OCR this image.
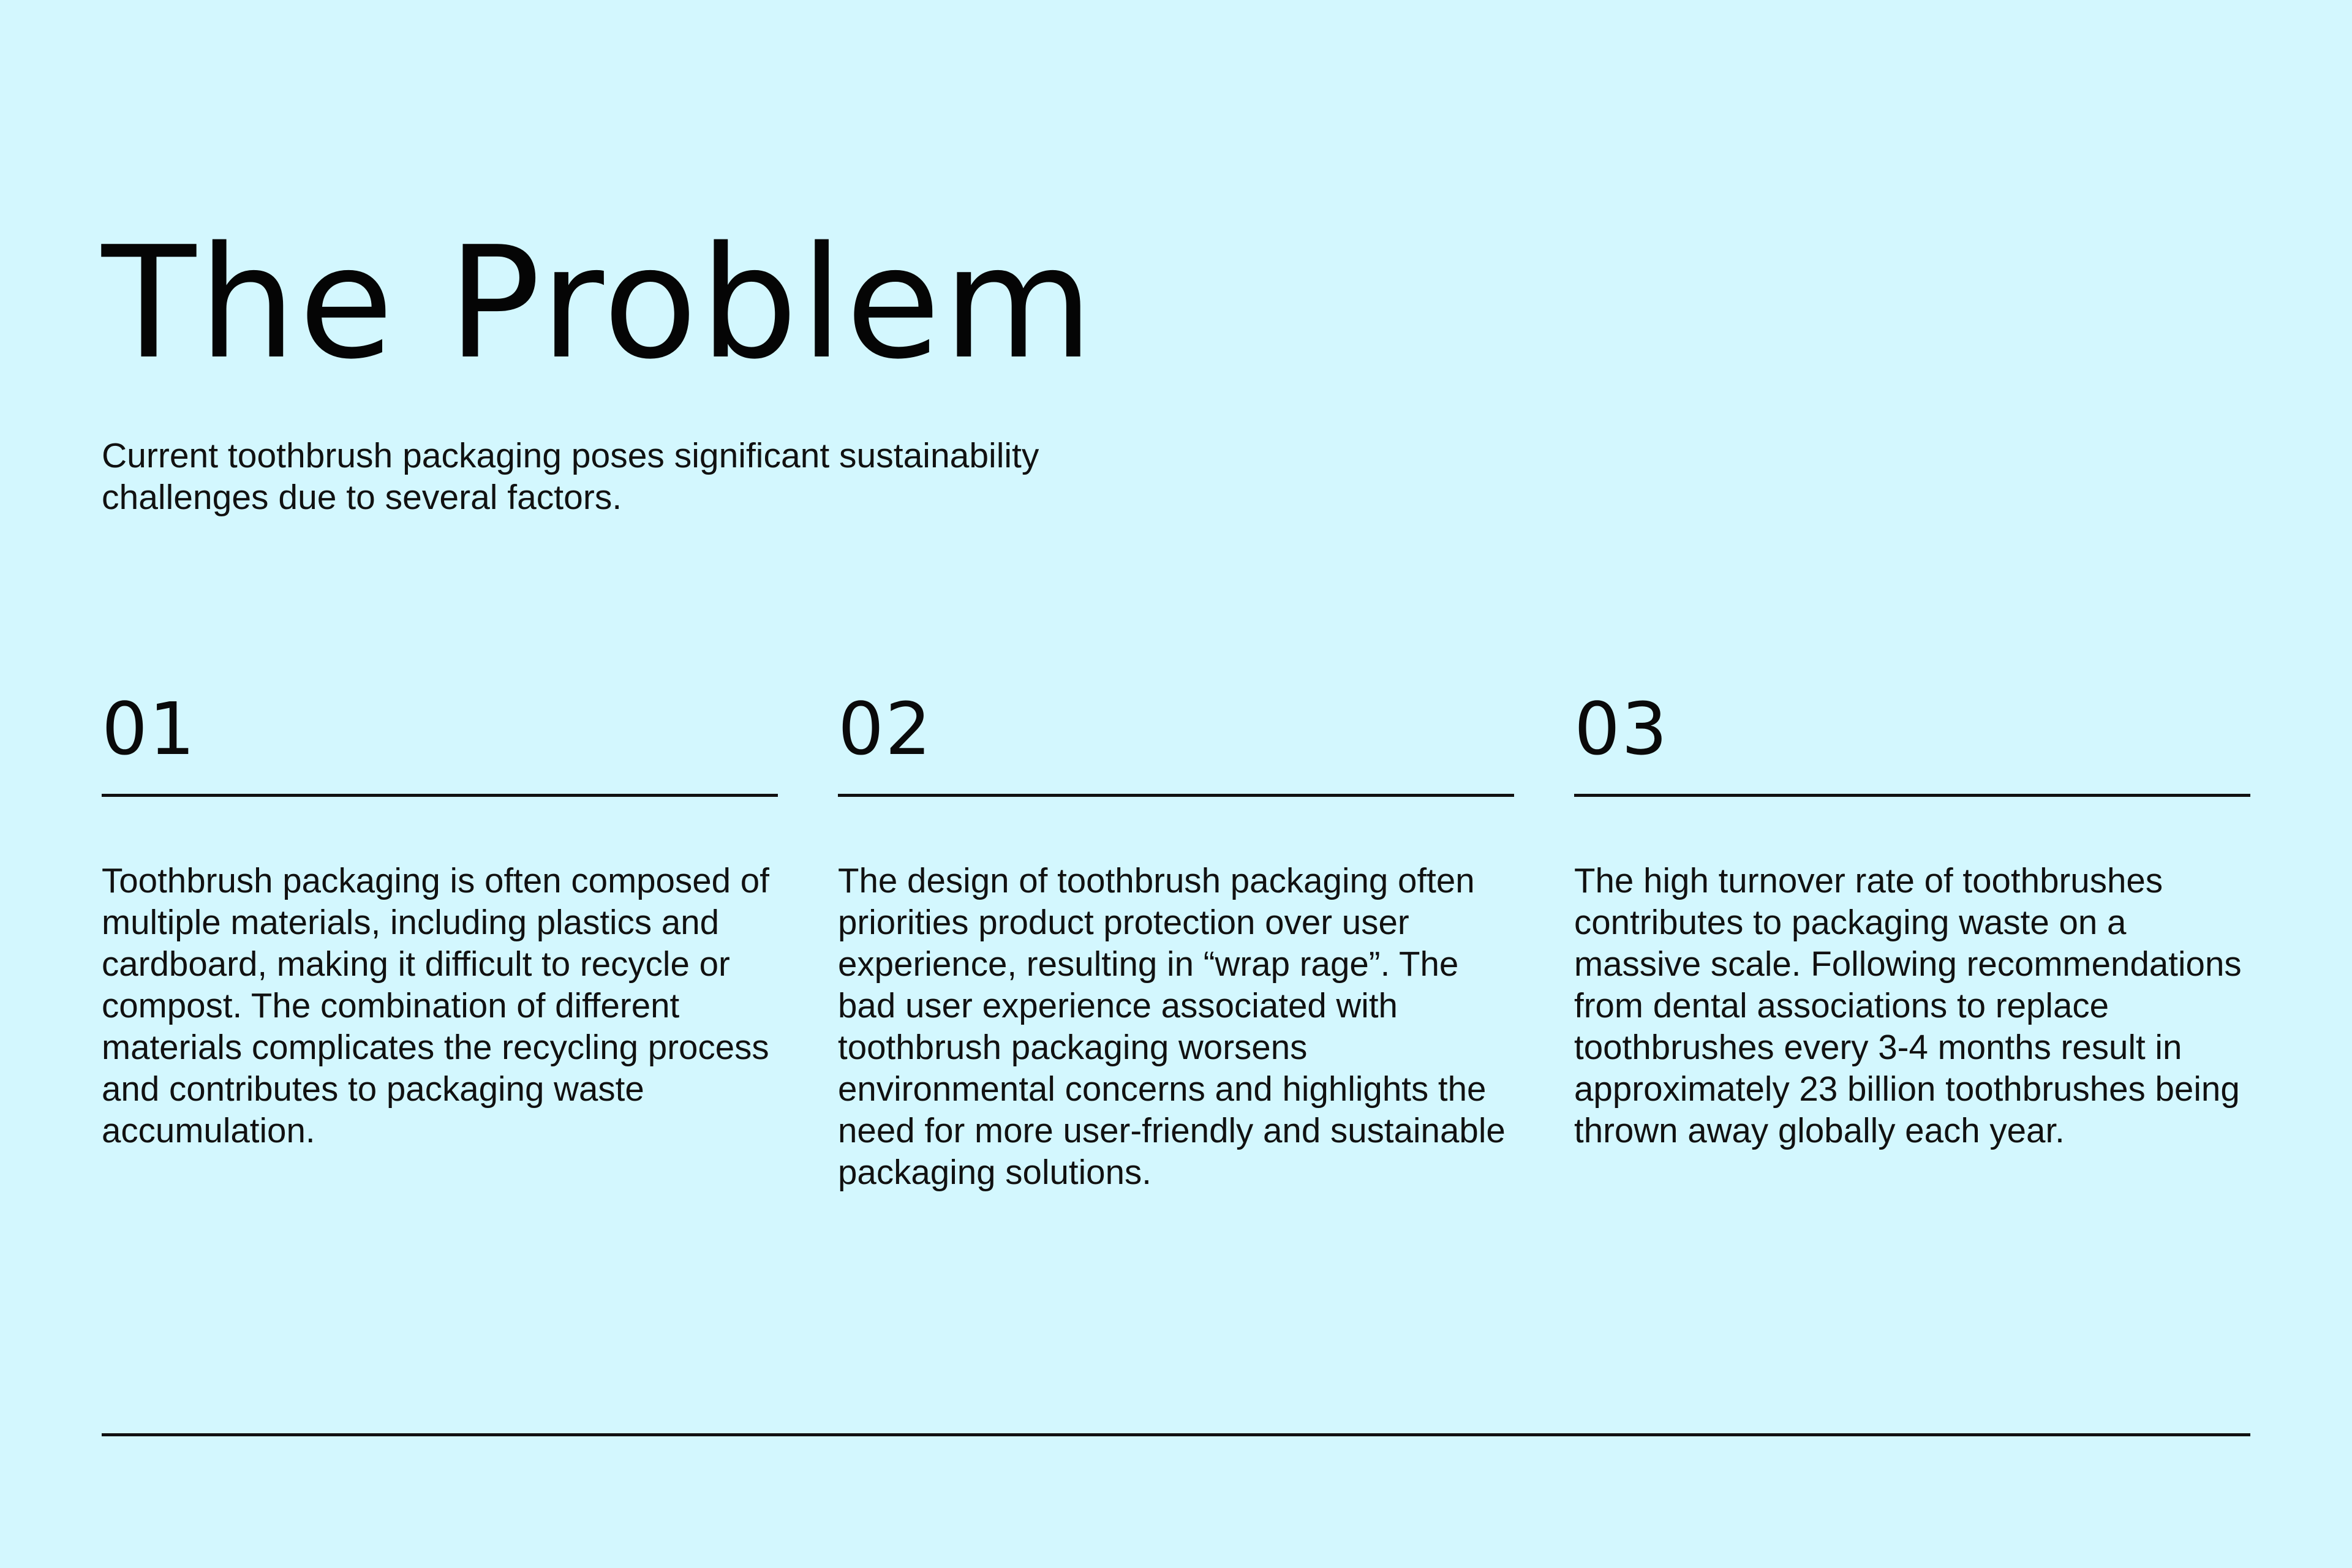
The Problem

Current toothbrush packaging poses significant sustainability challenges due to several factors.

01

Toothbrush packaging is often composed of multiple materials, including plastics and cardboard, making it difficult to recycle or compost. The combination of different materials complicates the recycling process and contributes to packaging waste accumulation.

02

The design of toothbrush packaging often priorities product protection over user experience, resulting in “wrap rage”. The bad user experience associated with toothbrush packaging worsens environmental concerns and highlights the need for more user-friendly and sustainable packaging solutions.

03

The high turnover rate of toothbrushes contributes to packaging waste on a massive scale. Following recommendations from dental associations to replace toothbrushes every 3-4 months result in approximately 23 billion toothbrushes being thrown away globally each year.
